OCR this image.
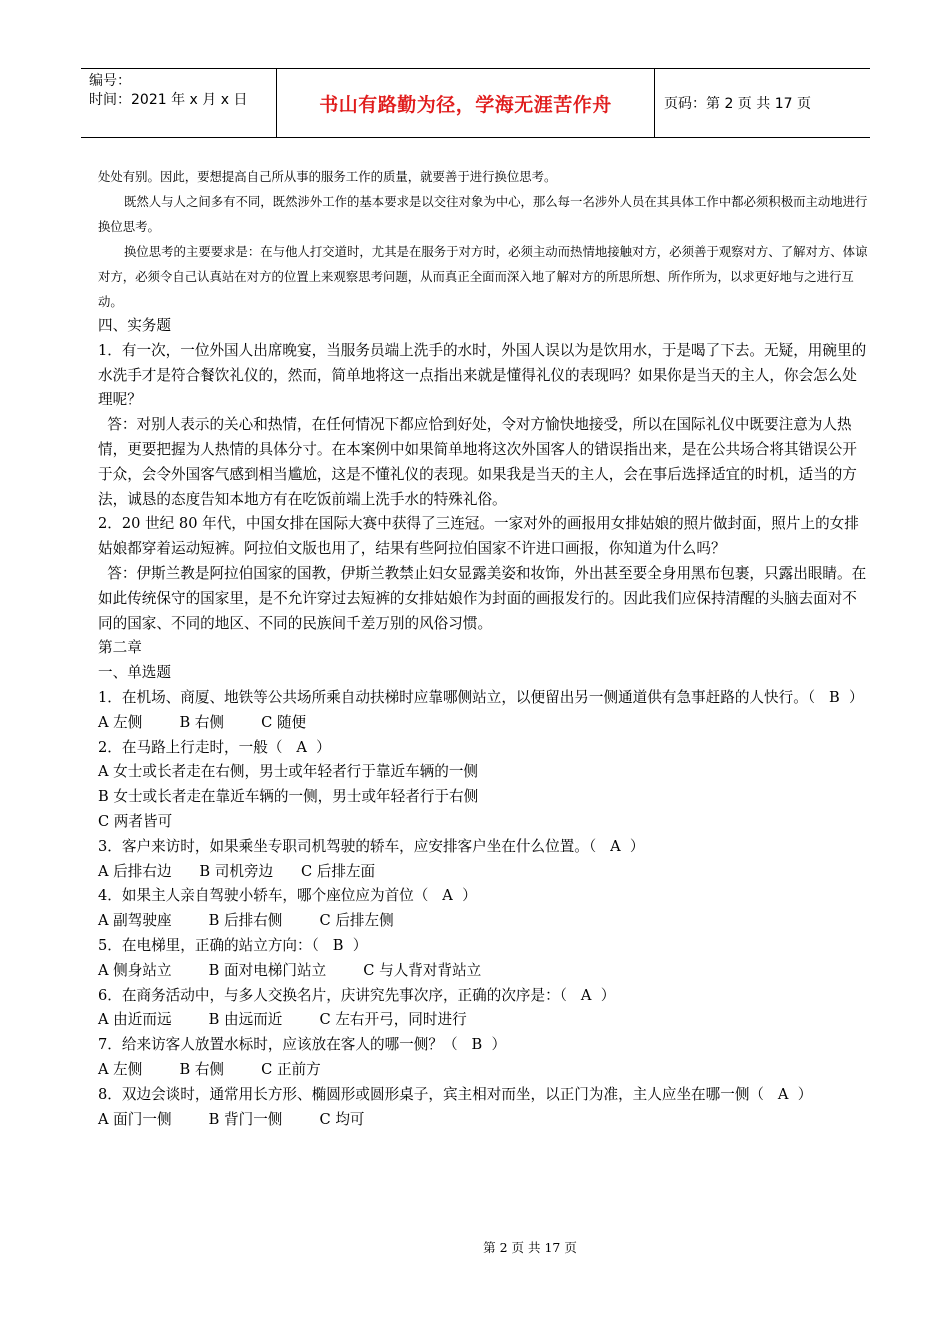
编号：
时间：2021 年 x 月 x 日	书山有路勤为径，学海无涯苦作舟	页码：第 2 页 共 17 页

处处有别。因此，要想提高自己所从事的服务工作的质量，就要善于进行换位思考。

既然人与人之间多有不同，既然涉外工作的基本要求是以交往对象为中心，那么每一名涉外人员在其具体工作中都必须积极而主动地进行换位思考。

换位思考的主要要求是：在与他人打交道时，尤其是在服务于对方时，必须主动而热情地接触对方，必须善于观察对方、了解对方、体谅对方，必须令自己认真站在对方的位置上来观察思考问题，从而真正全面而深入地了解对方的所思所想、所作所为，以求更好地与之进行互动。

四、实务题

1．有一次，一位外国人出席晚宴，当服务员端上洗手的水时，外国人误以为是饮用水，于是喝了下去。无疑，用碗里的水洗手才是符合餐饮礼仪的，然而，简单地将这一点指出来就是懂得礼仪的表现吗？如果你是当天的主人，你会怎么处理呢？

答：对别人表示的关心和热情，在任何情况下都应恰到好处，令对方愉快地接受，所以在国际礼仪中既要注意为人热情，更要把握为人热情的具体分寸。在本案例中如果简单地将这次外国客人的错误指出来，是在公共场合将其错误公开于众，会令外国客气感到相当尴尬，这是不懂礼仪的表现。如果我是当天的主人，会在事后选择适宜的时机，适当的方法，诚恳的态度告知本地方有在吃饭前端上洗手水的特殊礼俗。

2．20 世纪 80 年代，中国女排在国际大赛中获得了三连冠。一家对外的画报用女排姑娘的照片做封面，照片上的女排姑娘都穿着运动短裤。阿拉伯文版也用了，结果有些阿拉伯国家不许进口画报，你知道为什么吗？

答：伊斯兰教是阿拉伯国家的国教，伊斯兰教禁止妇女显露美姿和妆饰，外出甚至要全身用黑布包裹，只露出眼睛。在如此传统保守的国家里，是不允许穿过去短裤的女排姑娘作为封面的画报发行的。因此我们应保持清醒的头脑去面对不同的国家、不同的地区、不同的民族间千差万别的风俗习惯。

第二章

一、单选题

1．在机场、商厦、地铁等公共场所乘自动扶梯时应靠哪侧站立，以便留出另一侧通道供有急事赶路的人快行。（   B  ）

A 左侧        B 右侧        C 随便

2．在马路上行走时，一般（   A  ）

A 女士或长者走在右侧，男士或年轻者行于靠近车辆的一侧

B 女士或长者走在靠近车辆的一侧，男士或年轻者行于右侧

C 两者皆可

3．客户来访时，如果乘坐专职司机驾驶的轿车，应安排客户坐在什么位置。（   A  ）

A 后排右边      B 司机旁边      C 后排左面

4．如果主人亲自驾驶小轿车，哪个座位应为首位（   A  ）

A 副驾驶座        B 后排右侧        C 后排左侧

5．在电梯里，正确的站立方向：（   B  ）

A 侧身站立        B 面对电梯门站立        C 与人背对背站立

6．在商务活动中，与多人交换名片，庆讲究先事次序，正确的次序是：（   A  ）

A 由近而远        B 由远而近        C 左右开弓，同时进行

7．给来访客人放置水标时，应该放在客人的哪一侧？（   B  ）

A 左侧        B 右侧        C 正前方

8．双边会谈时，通常用长方形、椭圆形或圆形桌子，宾主相对而坐，以正门为准，主人应坐在哪一侧（   A  ）

A 面门一侧        B 背门一侧        C 均可

第 2 页 共 17 页
